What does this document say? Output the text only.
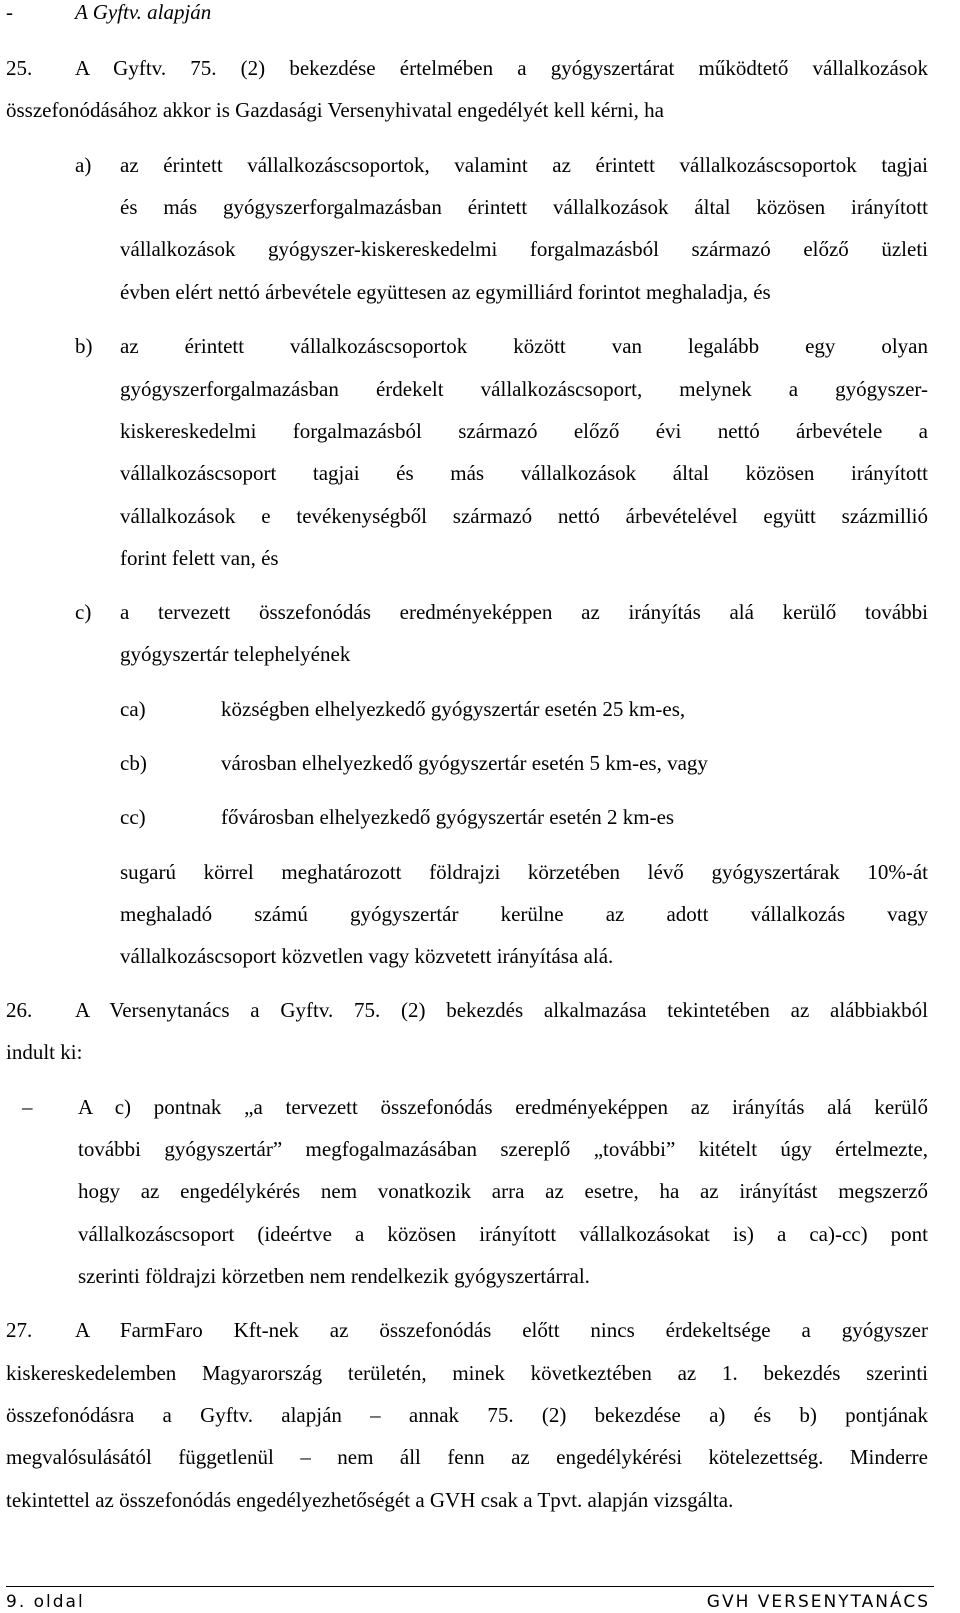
-	A Gyftv. alapján
25. A Gyftv. 75. (2) bekezdése értelmében a gyógyszertárat működtető vállalkozások
összefonódásához akkor is Gazdasági Versenyhivatal engedélyét kell kérni, ha
a) az érintett vállalkozáscsoportok, valamint az érintett vállalkozáscsoportok tagjai
és más gyógyszerforgalmazásban érintett vállalkozások által közösen irányított
vállalkozások gyógyszer-kiskereskedelmi forgalmazásból származó előző üzleti
évben elért nettó árbevétele együttesen az egymilliárd forintot meghaladja, és
b) az érintett vállalkozáscsoportok között van legalább egy olyan
gyógyszerforgalmazásban érdekelt vállalkozáscsoport, melynek a gyógyszer-
kiskereskedelmi forgalmazásból származó előző évi nettó árbevétele a
vállalkozáscsoport tagjai és más vállalkozások által közösen irányított
vállalkozások e tevékenységből származó nettó árbevételével együtt százmillió
forint felett van, és
c) a tervezett összefonódás eredményeképpen az irányítás alá kerülő további
gyógyszertár telephelyének
ca)	községben elhelyezkedő gyógyszertár esetén 25 km-es,
cb)	városban elhelyezkedő gyógyszertár esetén 5 km-es, vagy
cc)	fővárosban elhelyezkedő gyógyszertár esetén 2 km-es
sugarú körrel meghatározott földrajzi körzetében lévő gyógyszertárak 10%-át
meghaladó számú gyógyszertár kerülne az adott vállalkozás vagy
vállalkozáscsoport közvetlen vagy közvetett irányítása alá.
26. A Versenytanács a Gyftv. 75. (2) bekezdés alkalmazása tekintetében az alábbiakból
indult ki:
– A c) pontnak „a tervezett összefonódás eredményeképpen az irányítás alá kerülő
további gyógyszertár” megfogalmazásában szereplő „további” kitételt úgy értelmezte,
hogy az engedélykérés nem vonatkozik arra az esetre, ha az irányítást megszerző
vállalkozáscsoport (ideértve a közösen irányított vállalkozásokat is) a ca)-cc) pont
szerinti földrajzi körzetben nem rendelkezik gyógyszertárral.
27. A FarmFaro Kft-nek az összefonódás előtt nincs érdekeltsége a gyógyszer
kiskereskedelemben Magyarország területén, minek következtében az 1. bekezdés szerinti
összefonódásra a Gyftv. alapján – annak 75. (2) bekezdése a) és b) pontjának
megvalósulásától függetlenül – nem áll fenn az engedélykérési kötelezettség. Minderre
tekintettel az összefonódás engedélyezhetőségét a GVH csak a Tpvt. alapján vizsgálta.
9. oldal	GVH VERSENYTANÁCS
